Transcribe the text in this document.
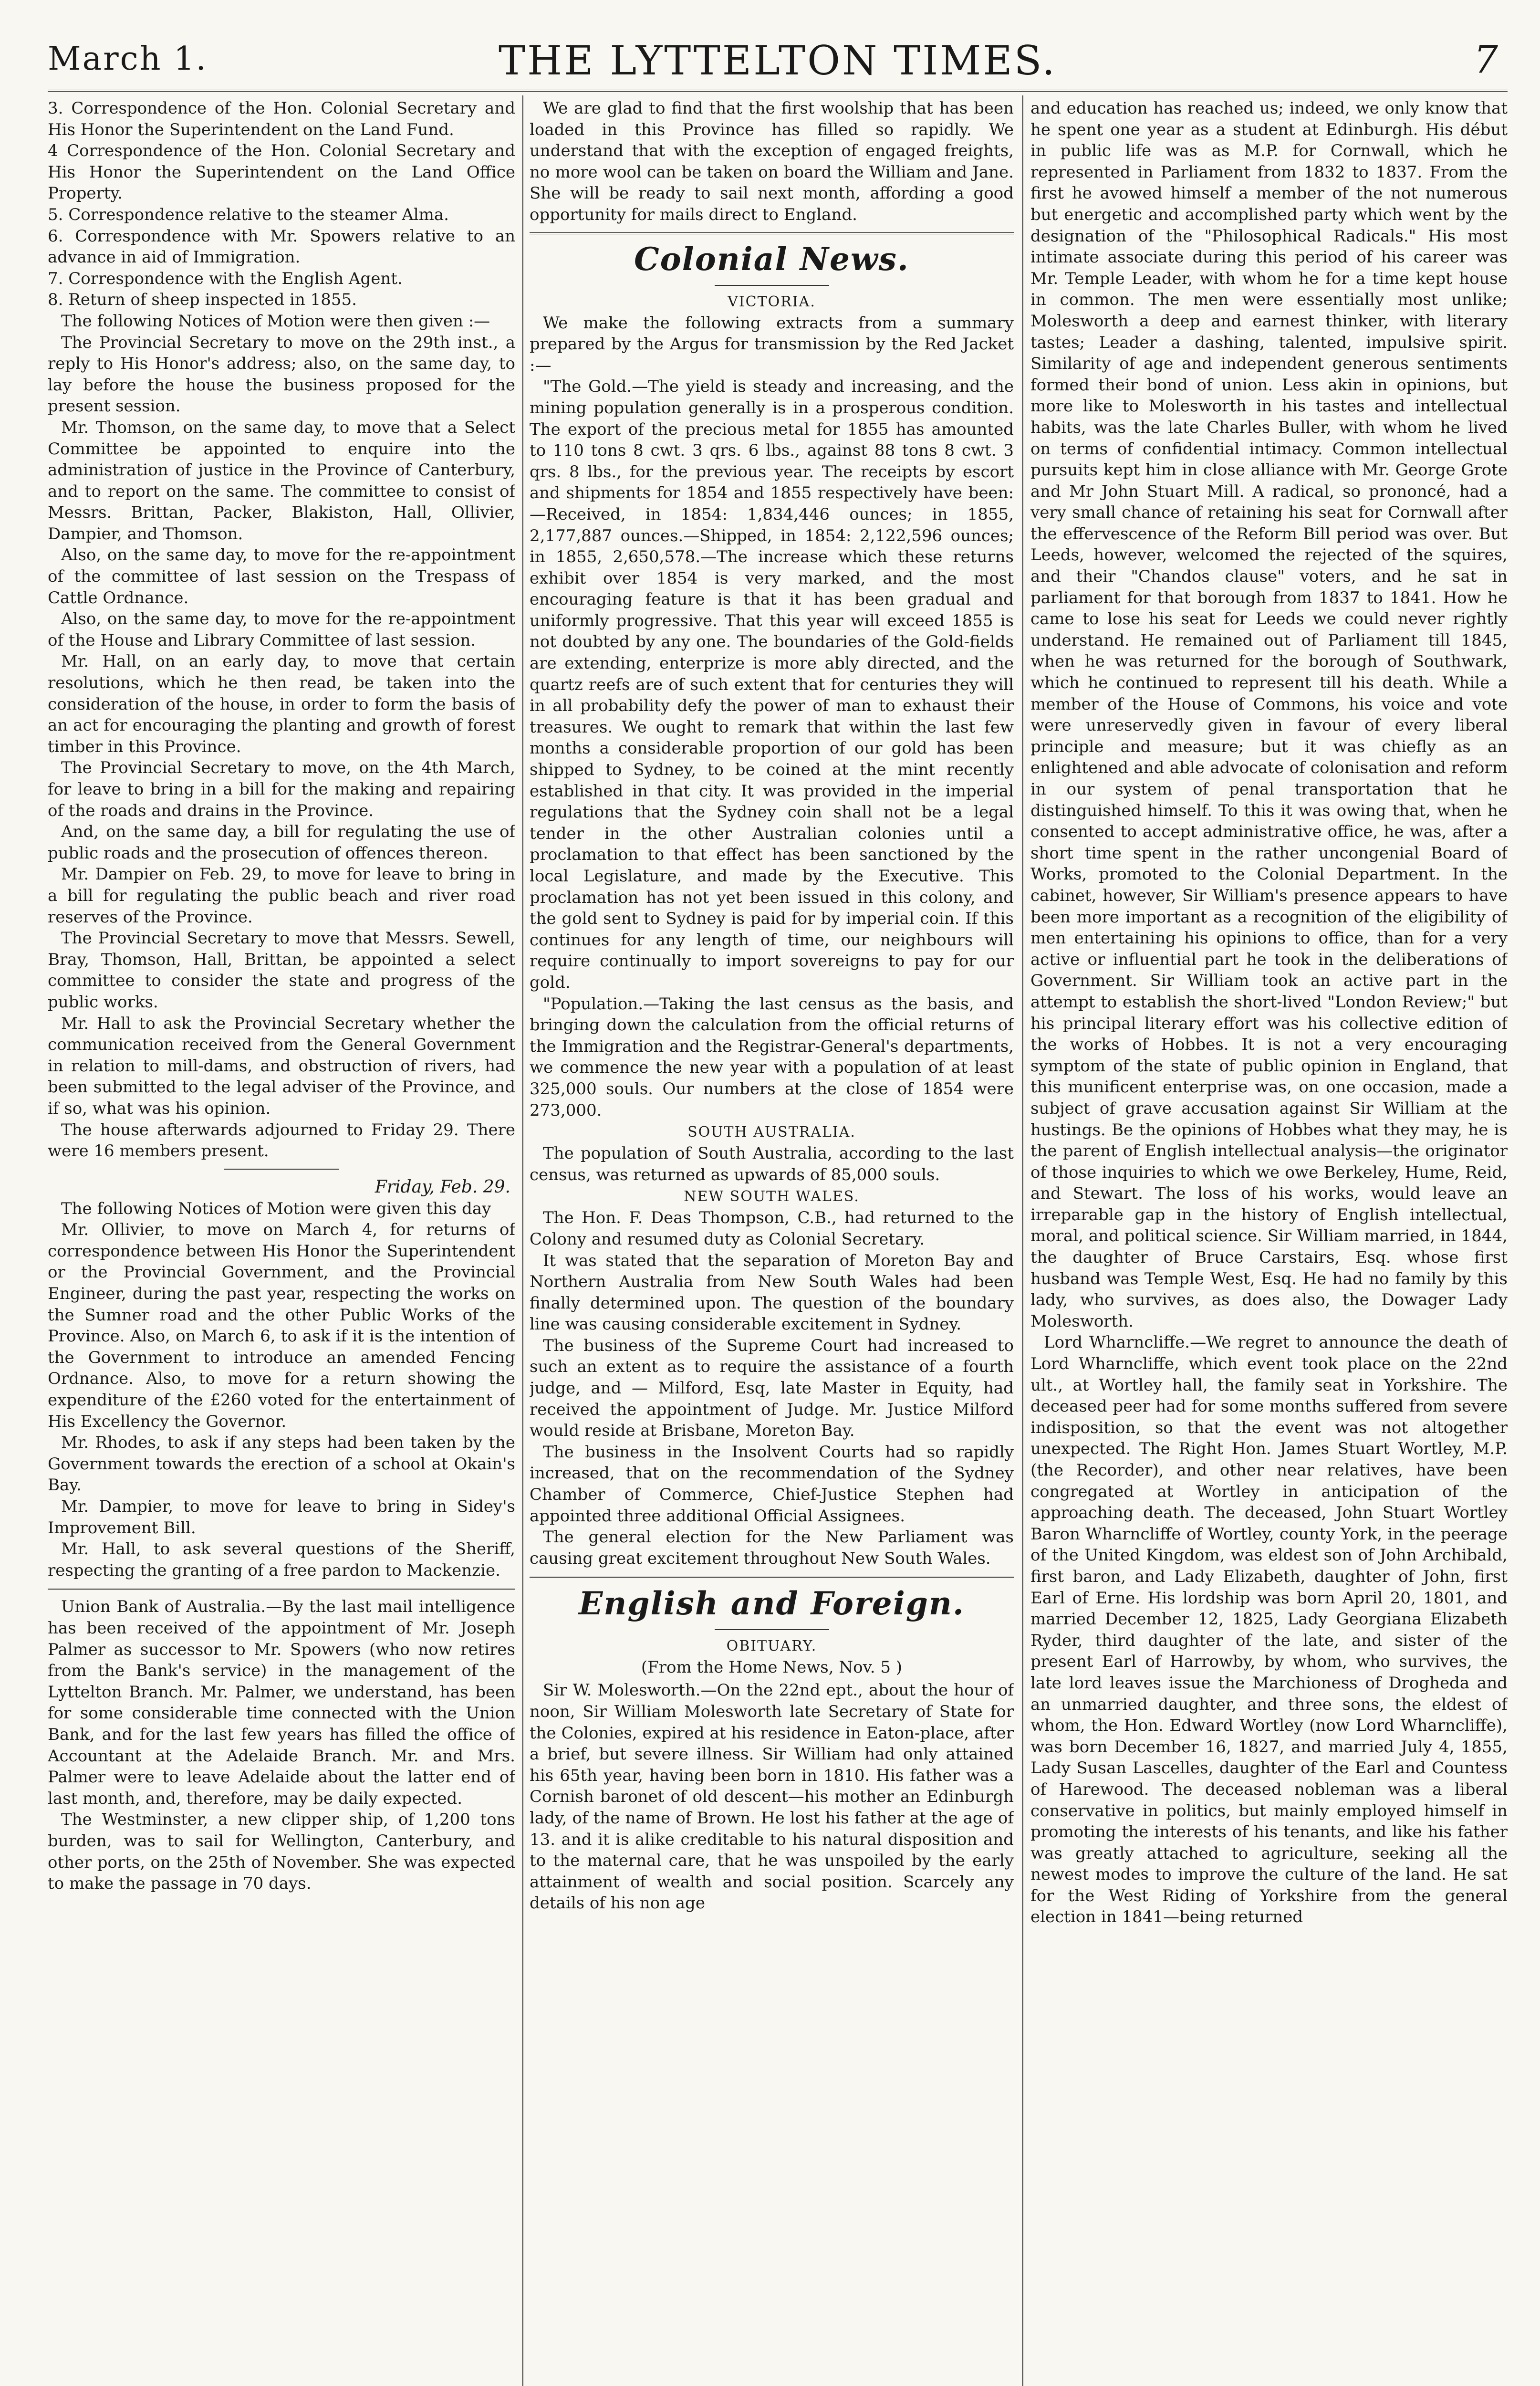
THE LYTTELTON TIMES.
March 1.	7

3. Correspondence of the Hon. Colonial Secretary and His Honor the Superintendent on the Land Fund.

4 Correspondence of the Hon. Colonial Secretary and His Honor the Superintendent on the Land Office Property.

5. Correspondence relative to the steamer Alma.

6. Correspondence with Mr. Spowers relative to an advance in aid of Immigration.

7. Correspondence with the English Agent.

8. Return of sheep inspected in 1855.

The following Notices of Motion were then given :—

The Provincial Secretary to move on the 29th inst., a reply to His Honor's address; also, on the same day, to lay before the house the business proposed for the present session.

Mr. Thomson, on the same day, to move that a Select Committee be appointed to enquire into the administration of justice in the Province of Canterbury, and to report on the same. The committee to consist of Messrs. Brittan, Packer, Blakiston, Hall, Ollivier, Dampier, and Thomson.

Also, on the same day, to move for the re-appointment of the committee of last session on the Trespass of Cattle Ordnance.

Also, on the same day, to move for the re-appointment of the House and Library Committee of last session.

Mr. Hall, on an early day, to move that certain resolutions, which he then read, be taken into the consideration of the house, in order to form the basis of an act for encouraging the planting and growth of forest timber in this Province.

The Provincial Secretary to move, on the 4th March, for leave to bring in a bill for the making and repairing of the roads and drains in the Province.

And, on the same day, a bill for regulating the use of public roads and the prosecution of offences thereon.

Mr. Dampier on Feb. 29, to move for leave to bring in a bill for regulating the public beach and river road reserves of the Province.

The Provincial Secretary to move that Messrs. Sewell, Bray, Thomson, Hall, Brittan, be appointed a select committee to consider the state and progress of the public works.

Mr. Hall to ask the Provincial Secretary whether the communication received from the General Government in relation to mill-dams, and obstruction of rivers, had been submitted to the legal adviser of the Province, and if so, what was his opinion.

The house afterwards adjourned to Friday 29. There were 16 members present.

Friday, Feb. 29.

The following Notices of Motion were given this day

Mr. Ollivier, to move on March 4, for returns of correspondence between His Honor the Superintendent or the Provincial Government, and the Provincial Engineer, during the past year, respecting the works on the Sumner road and the other Public Works of the Province. Also, on March 6, to ask if it is the intention of the Government to introduce an amended Fencing Ordnance. Also, to move for a return showing the expenditure of the £260 voted for the entertainment of His Excellency the Governor.

Mr. Rhodes, to ask if any steps had been taken by the Government towards the erection of a school at Okain's Bay.

Mr. Dampier, to move for leave to bring in Sidey's Improvement Bill.

Mr. Hall, to ask several questions of the Sheriff, respecting the granting of a free pardon to Mackenzie.

Union Bank of Australia.—By the last mail intelligence has been received of the appointment of Mr. Joseph Palmer as successor to Mr. Spowers (who now retires from the Bank's service) in the management of the Lyttelton Branch. Mr. Palmer, we understand, has been for some considerable time connected with the Union Bank, and for the last few years has filled the office of Accountant at the Adelaide Branch. Mr. and Mrs. Palmer were to leave Adelaide about the latter end of last month, and, therefore, may be daily expected.

The Westminster, a new clipper ship, of 1,200 tons burden, was to sail for Wellington, Canterbury, and other ports, on the 25th of November. She was expected to make the passage in 70 days.

We are glad to find that the first woolship that has been loaded in this Province has filled so rapidly. We understand that with the exception of engaged freights, no more wool can be taken on board the William and Jane. She will be ready to sail next month, affording a good opportunity for mails direct to England.

Colonial News.
VICTORIA.

We make the following extracts from a summary prepared by the Argus for transmission by the Red Jacket :—

"The Gold.—The yield is steady and increasing, and the mining population generally is in a prosperous condition. The export of the precious metal for 1855 has amounted to 110 tons 8 cwt. 3 qrs. 6 lbs., against 88 tons 8 cwt. 3 qrs. 8 lbs., for the previous year. The receipts by escort and shipments for 1854 and 1855 respectively have been:—Received, in 1854: 1,834,446 ounces; in 1855, 2,177,887 ounces.—Shipped, in 1854: 2,122,596 ounces; in 1855, 2,650,578.—The increase which these returns exhibit over 1854 is very marked, and the most encouraging feature is that it has been gradual and uniformly progressive. That this year will exceed 1855 is not doubted by any one. The boundaries of the Gold-fields are extending, enterprize is more ably directed, and the quartz reefs are of such extent that for centuries they will in all probability defy the power of man to exhaust their treasures. We ought to remark that within the last few months a considerable proportion of our gold has been shipped to Sydney, to be coined at the mint recently established in that city. It was provided in the imperial regulations that the Sydney coin shall not be a legal tender in the other Australian colonies until a proclamation to that effect has been sanctioned by the local Legislature, and made by the Executive. This proclamation has not yet been issued in this colony, and the gold sent to Sydney is paid for by imperial coin. If this continues for any length of time, our neighbours will require continually to import sovereigns to pay for our gold.

"Population.—Taking the last census as the basis, and bringing down the calculation from the official returns of the Immigration and the Registrar-General's departments, we commence the new year with a population of at least 325,000 souls. Our numbers at the close of 1854 were 273,000.

SOUTH AUSTRALIA.

The population of South Australia, according to the last census, was returned as upwards of 85,000 souls.

NEW SOUTH WALES.

The Hon. F. Deas Thompson, C.B., had returned to the Colony and resumed duty as Colonial Secretary.

It was stated that the separation of Moreton Bay and Northern Australia from New South Wales had been finally determined upon. The question of the boundary line was causing considerable excitement in Sydney.

The business of the Supreme Court had increased to such an extent as to require the assistance of a fourth judge, and — Milford, Esq, late Master in Equity, had received the appointment of Judge. Mr. Justice Milford would reside at Brisbane, Moreton Bay.

The business in the Insolvent Courts had so rapidly increased, that on the recommendation of the Sydney Chamber of Commerce, Chief-Justice Stephen had appointed three additional Official Assignees.

The general election for the New Parliament was causing great excitement throughout New South Wales.

English and Foreign.
OBITUARY.
(From the Home News, Nov. 5 )

Sir W. Molesworth.—On the 22nd ept., about the hour of noon, Sir William Molesworth late Secretary of State for the Colonies, expired at his residence in Eaton-place, after a brief, but severe illness. Sir William had only attained his 65th year, having been born in 1810. His father was a Cornish baronet of old descent—his mother an Edinburgh lady, of the name of Brown. He lost his father at the age of 13. and it is alike creditable to his natural disposition and to the maternal care, that he was unspoiled by the early attainment of wealth and social position. Scarcely any details of his non age

and education has reached us; indeed, we only know that he spent one year as a student at Edinburgh. His début in public life was as M.P. for Cornwall, which he represented in Parliament from 1832 to 1837. From the first he avowed himself a member of the not numerous but energetic and accomplished party which went by the designation of the "Philosophical Radicals." His most intimate associate during this period of his career was Mr. Temple Leader, with whom he for a time kept house in common. The men were essentially most unlike; Molesworth a deep and earnest thinker, with literary tastes; Leader a dashing, talented, impulsive spirit. Similarity of age and independent generous sentiments formed their bond of union. Less akin in opinions, but more like to Molesworth in his tastes and intellectual habits, was the late Charles Buller, with whom he lived on terms of confidential intimacy. Common intellectual pursuits kept him in close alliance with Mr. George Grote and Mr John Stuart Mill. A radical, so prononcé, had a very small chance of retaining his seat for Cornwall after the effervescence of the Reform Bill period was over. But Leeds, however, welcomed the rejected of the squires, and their "Chandos clause" voters, and he sat in parliament for that borough from 1837 to 1841. How he came to lose his seat for Leeds we could never rightly understand. He remained out of Parliament till 1845, when he was returned for the borough of Southwark, which he continued to represent till his death. While a member of the House of Commons, his voice and vote were unreservedly given in favour of every liberal principle and measure; but it was chiefly as an enlightened and able advocate of colonisation and reform in our system of penal transportation that he distinguished himself. To this it was owing that, when he consented to accept administrative office, he was, after a short time spent in the rather uncongenial Board of Works, promoted to the Colonial Department. In the cabinet, however, Sir William's presence appears to have been more important as a recognition of the eligibility of men entertaining his opinions to office, than for a very active or influential part he took in the deliberations of Government. Sir William took an active part in the attempt to establish the short-lived "London Review;" but his principal literary effort was his collective edition of the works of Hobbes. It is not a very encouraging symptom of the state of public opinion in England, that this munificent enterprise was, on one occasion, made a subject of grave accusation against Sir William at the hustings. Be the opinions of Hobbes what they may, he is the parent of English intellectual analysis—the originator of those inquiries to which we owe Berkeley, Hume, Reid, and Stewart. The loss of his works, would leave an irreparable gap in the history of English intellectual, moral, and political science. Sir William married, in 1844, the daughter of Bruce Carstairs, Esq. whose first husband was Temple West, Esq. He had no family by this lady, who survives, as does also, the Dowager Lady Molesworth.

Lord Wharncliffe.—We regret to announce the death of Lord Wharncliffe, which event took place on the 22nd ult., at Wortley hall, the family seat in Yorkshire. The deceased peer had for some months suffered from severe indisposition, so that the event was not altogether unexpected. The Right Hon. James Stuart Wortley, M.P. (the Recorder), and other near relatives, have been congregated at Wortley in anticipation of the approaching death. The deceased, John Stuart Wortley Baron Wharncliffe of Wortley, county York, in the peerage of the United Kingdom, was eldest son of John Archibald, first baron, and Lady Elizabeth, daughter of John, first Earl of Erne. His lordship was born April 20, 1801, and married December 12, 1825, Lady Georgiana Elizabeth Ryder, third daughter of the late, and sister of the present Earl of Harrowby, by whom, who survives, the late lord leaves issue the Marchioness of Drogheda and an unmarried daughter, and three sons, the eldest of whom, the Hon. Edward Wortley (now Lord Wharncliffe), was born December 16, 1827, and married July 4, 1855, Lady Susan Lascelles, daughter of the Earl and Countess of Harewood. The deceased nobleman was a liberal conservative in politics, but mainly employed himself in promoting the interests of his tenants, and like his father was greatly attached to agriculture, seeking all the newest modes to improve the culture of the land. He sat for the West Riding of Yorkshire from the general election in 1841—being returned
